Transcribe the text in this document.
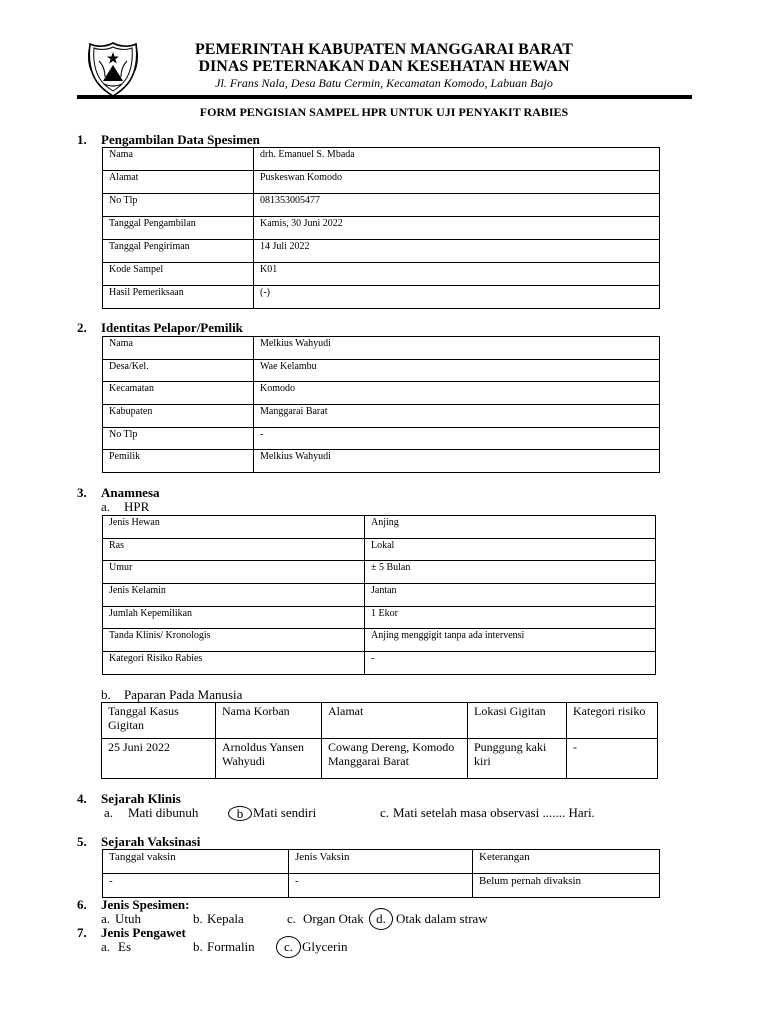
PEMERINTAH KABUPATEN MANGGARAI BARAT
DINAS PETERNAKAN DAN KESEHATAN HEWAN
Jl. Frans Nala, Desa Batu Cermin, Kecamatan Komodo, Labuan Bajo
FORM PENGISIAN SAMPEL HPR UNTUK UJI PENYAKIT RABIES
1. Pengambilan Data Spesimen
Nama	drh. Emanuel S. Mbada
Alamat	Puskeswan Komodo
No Tlp	081353005477
Tanggal Pengambilan	Kamis, 30 Juni 2022
Tanggal Pengiriman	14 Juli 2022
Kode Sampel	K01
Hasil Pemeriksaan	(-)
2. Identitas Pelapor/Pemilik
Nama	Melkius Wahyudi
Desa/Kel.	Wae Kelambu
Kecamatan	Komodo
Kabupaten	Manggarai Barat
No Tlp	-
Pemilik	Melkius Wahyudi
3. Anamnesa
a. HPR
Jenis Hewan	Anjing
Ras	Lokal
Umur	± 5 Bulan
Jenis Kelamin	Jantan
Jumlah Kepemilikan	1 Ekor
Tanda Klinis/ Kronologis	Anjing menggigit tanpa ada intervensi
Kategori Risiko Rabies	-
b. Paparan Pada Manusia
Tanggal Kasus Gigitan	Nama Korban	Alamat	Lokasi Gigitan	Kategori risiko
25 Juni 2022	Arnoldus Yansen Wahyudi	Cowang Dereng, Komodo Manggarai Barat	Punggung kaki kiri	-
4. Sejarah Klinis
a. Mati dibunuh	b Mati sendiri	c. Mati setelah masa observasi ....... Hari.
5. Sejarah Vaksinasi
Tanggal vaksin	Jenis Vaksin	Keterangan
-	-	Belum pernah divaksin
6. Jenis Spesimen:
a. Utuh	b. Kepala	c. Organ Otak d. Otak dalam straw
7. Jenis Pengawet
a. Es	b. Formalin	c. Glycerin
